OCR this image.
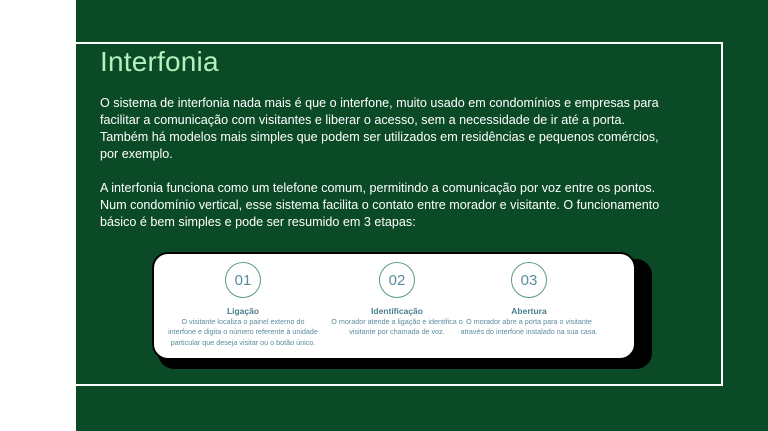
Interfonia

O sistema de interfonia nada mais é que o interfone, muito usado em condomínios e empresas para facilitar a comunicação com visitantes e liberar o acesso, sem a necessidade de ir até a porta. Também há modelos mais simples que podem ser utilizados em residências e pequenos comércios, por exemplo.

A interfonia funciona como um telefone comum, permitindo a comunicação por voz entre os pontos. Num condomínio vertical, esse sistema facilita o contato entre morador e visitante. O funcionamento básico é bem simples e pode ser resumido em 3 etapas:

01
Ligação
O visitante localiza o painel externo do interfone e digita o número referente à unidade particular que deseja visitar ou o botão único.
02
Identificação
O morador atende a ligação e identifica o visitante por chamada de voz.
03
Abertura
O morador abre a porta para o visitante através do interfone instalado na sua casa.
